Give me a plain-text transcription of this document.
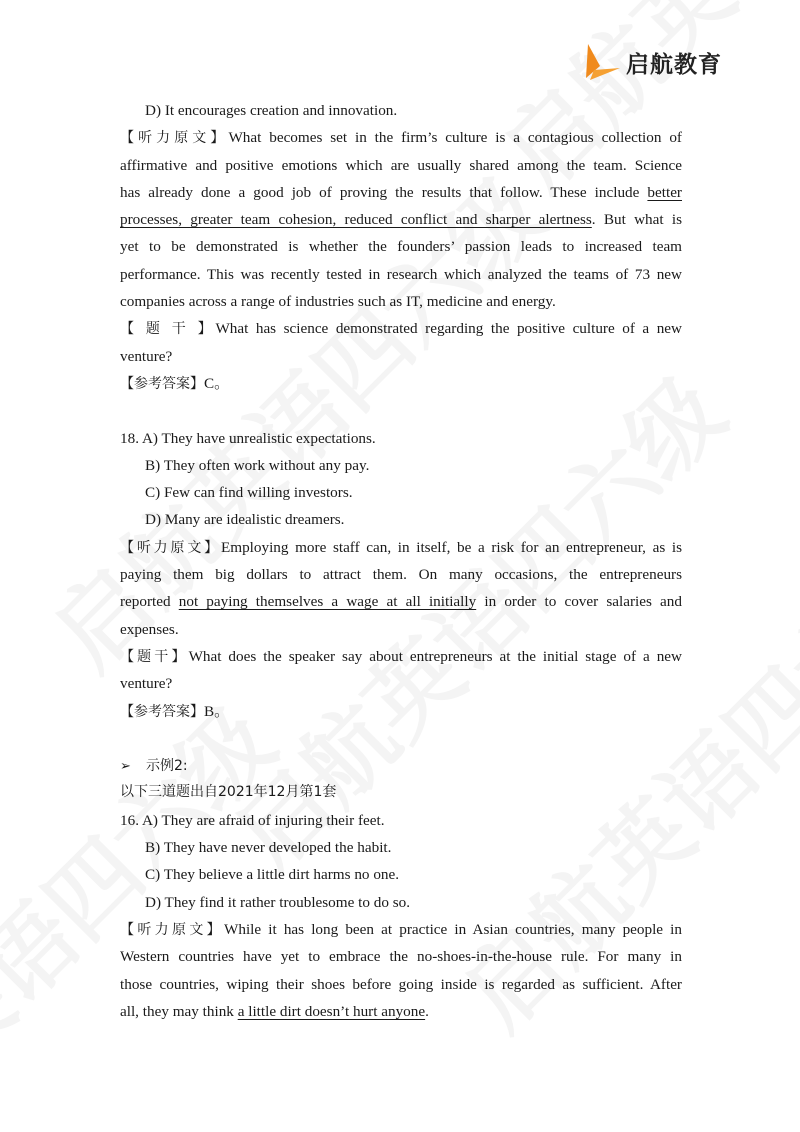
启航教育
D) It encourages creation and innovation.
【听力原文】What becomes set in the firm’s culture is a contagious collection of
affirmative and positive emotions which are usually shared among the team. Science
has already done a good job of proving the results that follow. These include better
processes, greater team cohesion, reduced conflict and sharper alertness. But what is
yet to be demonstrated is whether the founders’ passion leads to increased team
performance. This was recently tested in research which analyzed the teams of 73 new
companies across a range of industries such as IT, medicine and energy.
【 题 干 】What has science demonstrated regarding the positive culture of a new
venture?
【参考答案】C。
18. A) They have unrealistic expectations.
B) They often work without any pay.
C) Few can find willing investors.
D) Many are idealistic dreamers.
【听力原文】Employing more staff can, in itself, be a risk for an entrepreneur, as is
paying them big dollars to attract them. On many occasions, the entrepreneurs
reported not paying themselves a wage at all initially in order to cover salaries and
expenses.
【题干】What does the speaker say about entrepreneurs at the initial stage of a new
venture?
【参考答案】B。
➢ 示例2:
以下三道题出自2021年12月第1套
16. A) They are afraid of injuring their feet.
B) They have never developed the habit.
C) They believe a little dirt harms no one.
D) They find it rather troublesome to do so.
【听力原文】While it has long been at practice in Asian countries, many people in
Western countries have yet to embrace the no-shoes-in-the-house rule. For many in
those countries, wiping their shoes before going inside is regarded as sufficient. After
all, they may think a little dirt doesn’t hurt anyone.
